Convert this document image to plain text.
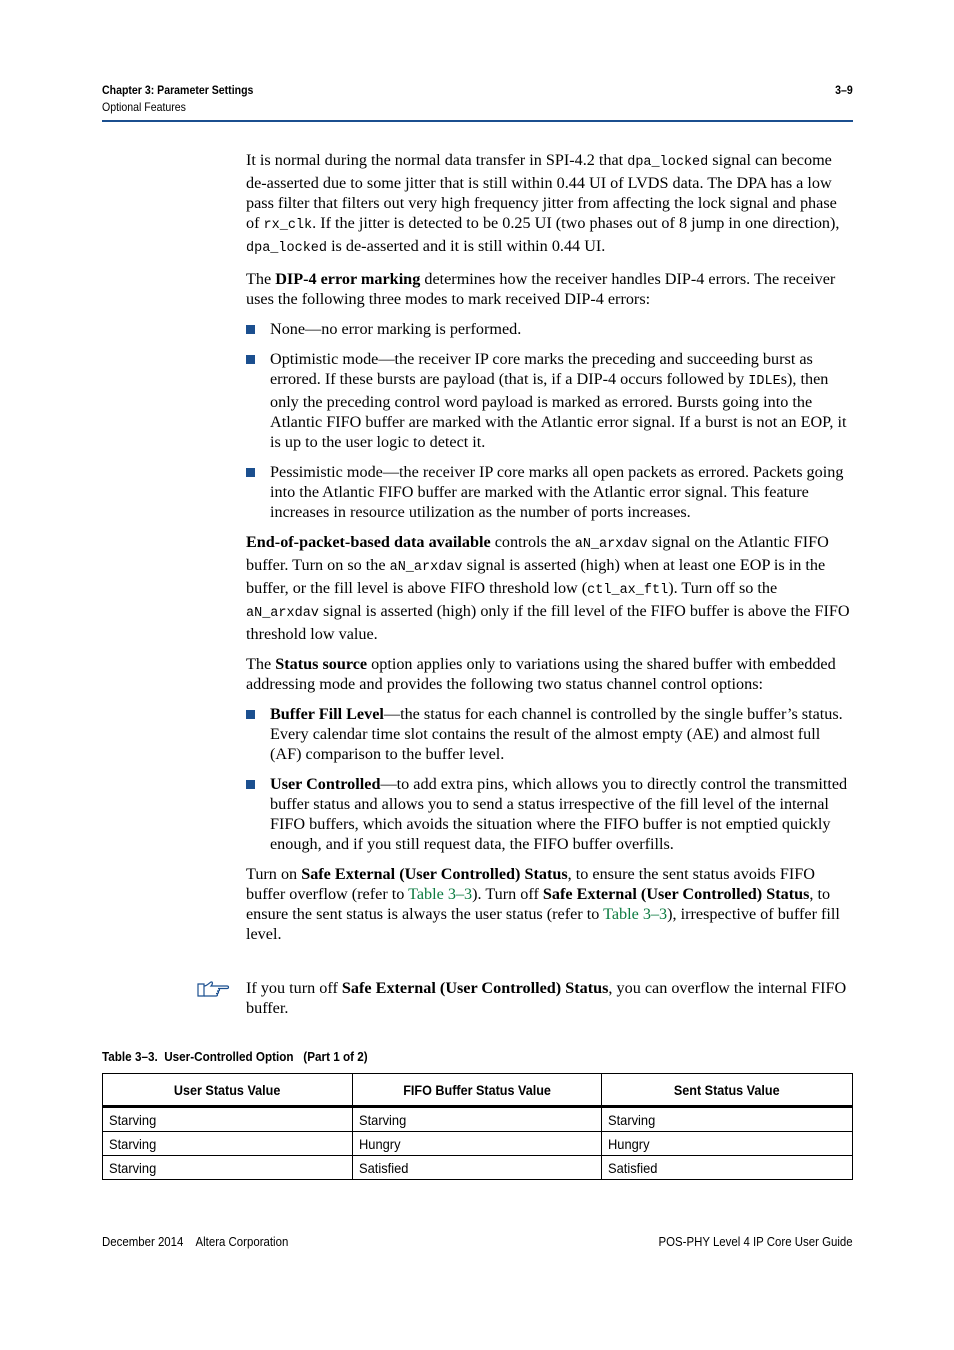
Chapter 3: Parameter Settings	3–9
Optional Features

It is normal during the normal data transfer in SPI-4.2 that dpa_locked signal can become de-asserted due to some jitter that is still within 0.44 UI of LVDS data. The DPA has a low pass filter that filters out very high frequency jitter from affecting the lock signal and phase of rx_clk. If the jitter is detected to be 0.25 UI (two phases out of 8 jump in one direction), dpa_locked is de-asserted and it is still within 0.44 UI.

The DIP-4 error marking determines how the receiver handles DIP-4 errors. The receiver uses the following three modes to mark received DIP-4 errors:

None—no error marking is performed.
Optimistic mode—the receiver IP core marks the preceding and succeeding burst as errored. If these bursts are payload (that is, if a DIP-4 occurs followed by IDLEs), then only the preceding control word payload is marked as errored. Bursts going into the Atlantic FIFO buffer are marked with the Atlantic error signal. If a burst is not an EOP, it is up to the user logic to detect it.
Pessimistic mode—the receiver IP core marks all open packets as errored. Packets going into the Atlantic FIFO buffer are marked with the Atlantic error signal. This feature increases in resource utilization as the number of ports increases.

End-of-packet-based data available controls the aN_arxdav signal on the Atlantic FIFO buffer. Turn on so the aN_arxdav signal is asserted (high) when at least one EOP is in the buffer, or the fill level is above FIFO threshold low (ctl_ax_ftl). Turn off so the aN_arxdav signal is asserted (high) only if the fill level of the FIFO buffer is above the FIFO threshold low value.

The Status source option applies only to variations using the shared buffer with embedded addressing mode and provides the following two status channel control options:

Buffer Fill Level—the status for each channel is controlled by the single buffer’s status. Every calendar time slot contains the result of the almost empty (AE) and almost full (AF) comparison to the buffer level.
User Controlled—to add extra pins, which allows you to directly control the transmitted buffer status and allows you to send a status irrespective of the fill level of the internal FIFO buffers, which avoids the situation where the FIFO buffer is not emptied quickly enough, and if you still request data, the FIFO buffer overfills.

Turn on Safe External (User Controlled) Status, to ensure the sent status avoids FIFO buffer overflow (refer to Table 3–3). Turn off Safe External (User Controlled) Status, to ensure the sent status is always the user status (refer to Table 3–3), irrespective of buffer fill level.

If you turn off Safe External (User Controlled) Status, you can overflow the internal FIFO buffer.
Table 3–3.  User-Controlled Option   (Part 1 of 2)
User Status Value	FIFO Buffer Status Value	Sent Status Value
Starving	Starving	Starving
Starving	Hungry	Hungry
Starving	Satisfied	Satisfied
December 2014    Altera Corporation	POS-PHY Level 4 IP Core User Guide
